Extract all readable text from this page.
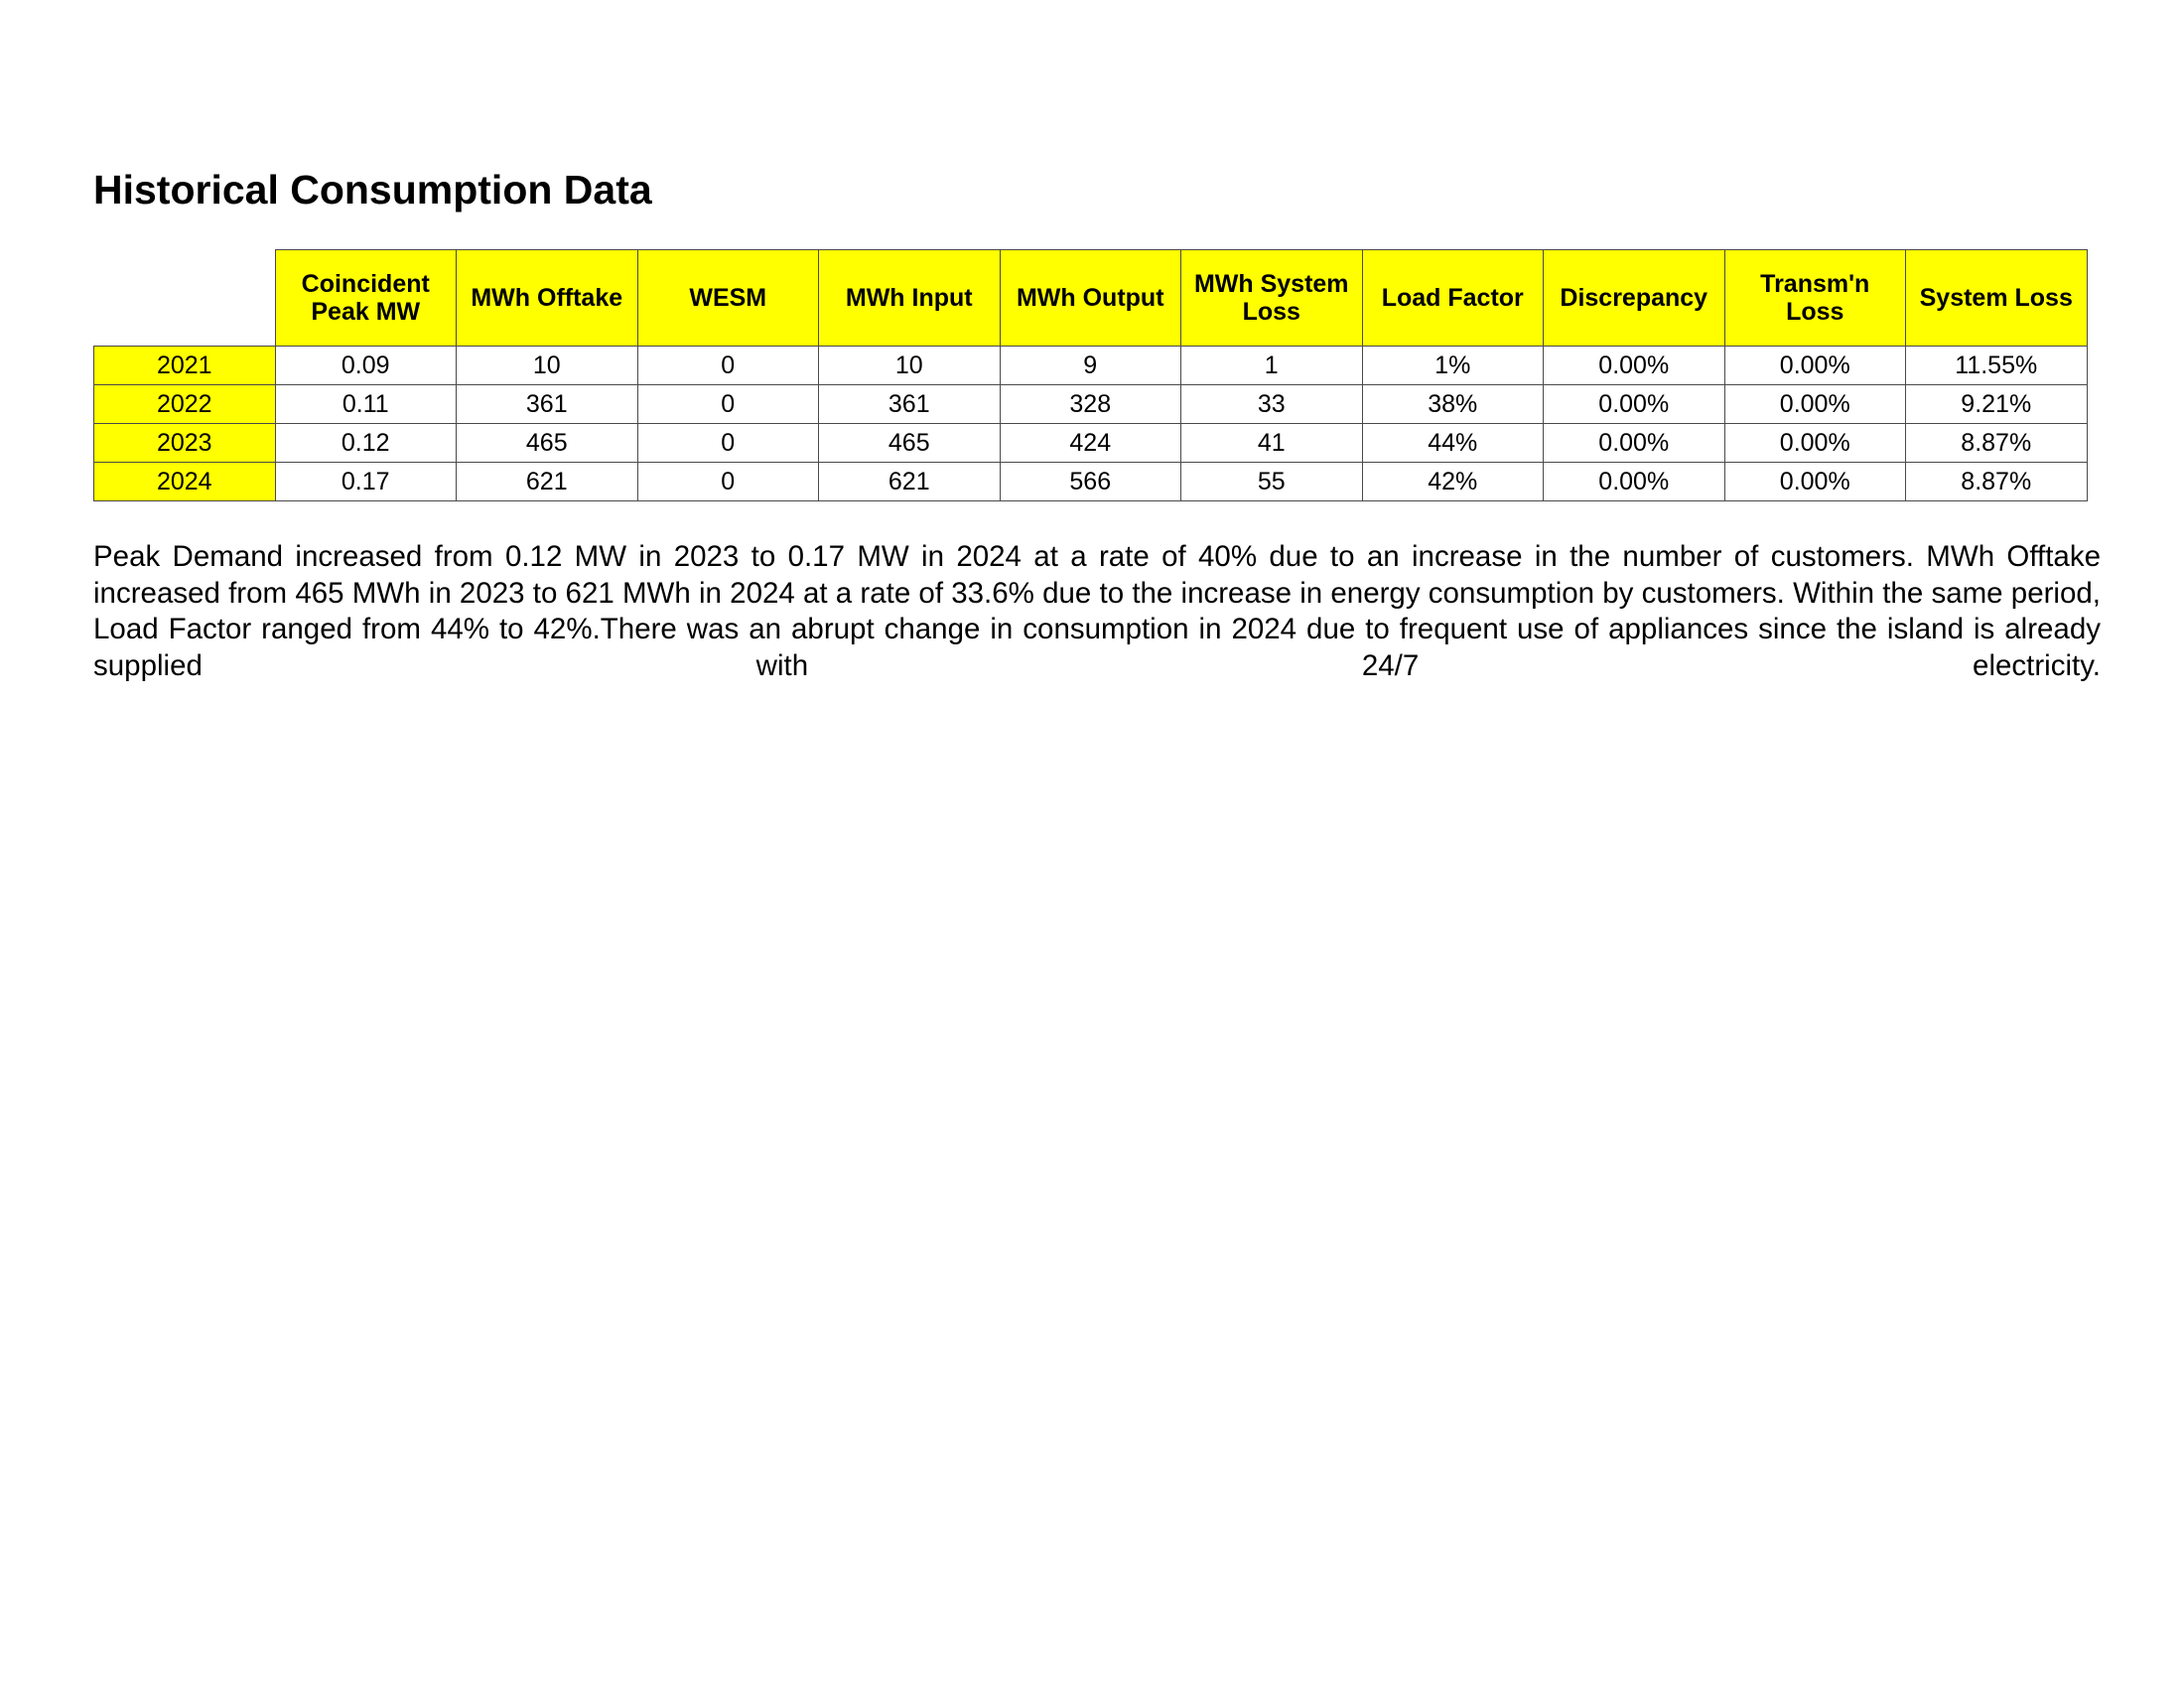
Historical Consumption Data
	Coincident Peak MW	MWh Offtake	WESM	MWh Input	MWh Output	MWh System Loss	Load Factor	Discrepancy	Transm'n Loss	System Loss
2021	0.09	10	0	10	9	1	1%	0.00%	0.00%	11.55%
2022	0.11	361	0	361	328	33	38%	0.00%	0.00%	9.21%
2023	0.12	465	0	465	424	41	44%	0.00%	0.00%	8.87%
2024	0.17	621	0	621	566	55	42%	0.00%	0.00%	8.87%

Peak Demand increased from 0.12 MW in 2023 to 0.17 MW in 2024 at a rate of 40% due to an increase in the number of customers. MWh Offtake increased from 465 MWh in 2023 to 621 MWh in 2024 at a rate of 33.6% due to the increase in energy consumption by customers. Within the same period, Load Factor ranged from 44% to 42%.There was an abrupt change in consumption in 2024 due to frequent use of appliances since the island is already supplied with 24/7 electricity.
